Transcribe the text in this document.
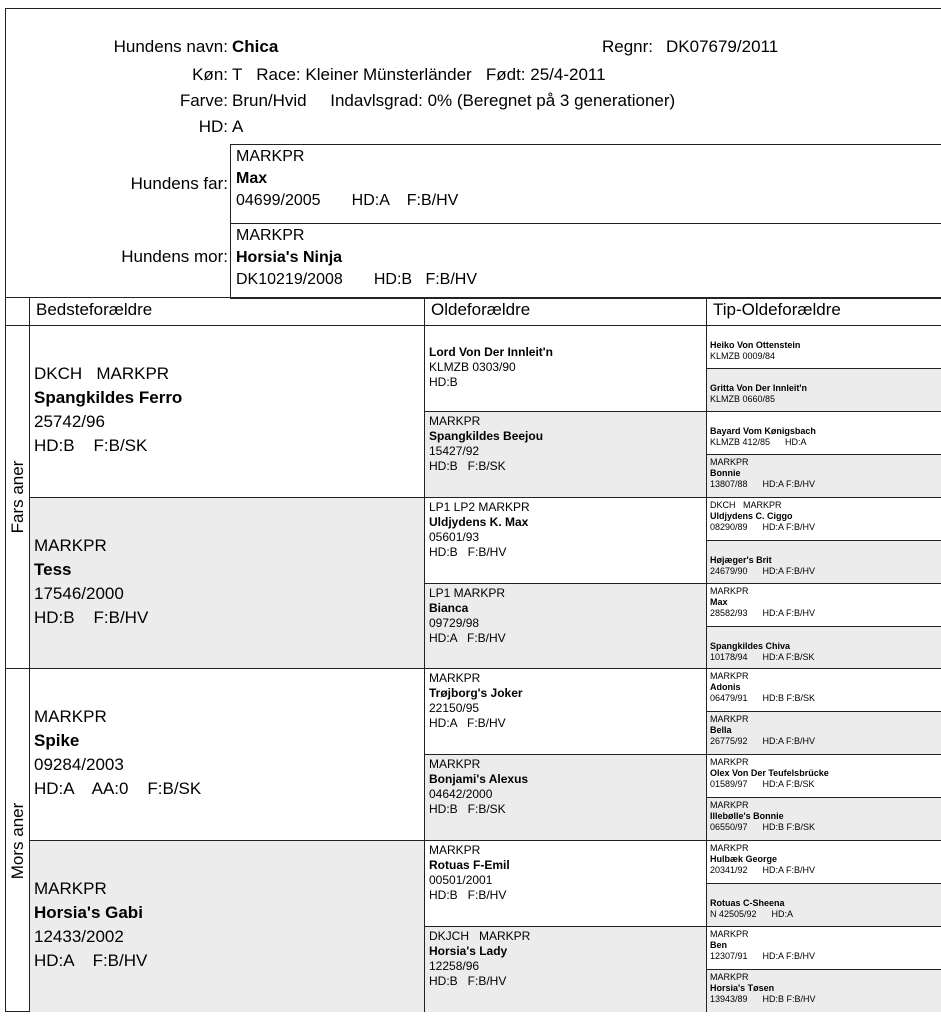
Hundens navn: Chica	Regnr: DK07679/2011
Køn: T   Race: Kleiner Münsterländer   Født: 25/4-2011
Farve: Brun/Hvid     Indavlsgrad: 0% (Beregnet på 3 generationer)
HD: A
Hundens far:
MARKPR
Max
04699/2005       HD:A    F:B/HV
Hundens mor:
MARKPR
Horsia's Ninja
DK10219/2008       HD:B   F:B/HV
Fars aner
Mors aner
Bedsteforældre
DKCH   MARKPR
Spangkildes Ferro
25742/96
HD:B    F:B/SK
MARKPR
Tess
17546/2000
HD:B    F:B/HV
MARKPR
Spike
09284/2003
HD:A    AA:0    F:B/SK
MARKPR
Horsia's Gabi
12433/2002
HD:A    F:B/HV
Oldeforældre
Lord Von Der Innleit'n
KLMZB 0303/90
HD:B
MARKPR
Spangkildes Beejou
15427/92
HD:B   F:B/SK
LP1 LP2 MARKPR
Uldjydens K. Max
05601/93
HD:B   F:B/HV
LP1 MARKPR
Bianca
09729/98
HD:A   F:B/HV
MARKPR
Trøjborg's Joker
22150/95
HD:A   F:B/HV
MARKPR
Bonjami's Alexus
04642/2000
HD:B   F:B/SK
MARKPR
Rotuas F-Emil
00501/2001
HD:B   F:B/HV
DKJCH   MARKPR
Horsia's Lady
12258/96
HD:B   F:B/HV
Tip-Oldeforældre
Heiko Von Ottenstein
KLMZB 0009/84
Gritta Von Der Innleit'n
KLMZB 0660/85
Bayard Vom Kønigsbach
KLMZB 412/85      HD:A
MARKPR
Bonnie
13807/88      HD:A F:B/HV
DKCH   MARKPR
Uldjydens C. Ciggo
08290/89      HD:A F:B/HV
Højæger's Brit
24679/90      HD:A F:B/HV
MARKPR
Max
28582/93      HD:A F:B/HV
Spangkildes Chiva
10178/94      HD:A F:B/SK
MARKPR
Adonis
06479/91      HD:B F:B/SK
MARKPR
Bella
26775/92      HD:A F:B/HV
MARKPR
Olex Von Der Teufelsbrücke
01589/97      HD:A F:B/SK
MARKPR
Illebølle's Bonnie
06550/97      HD:B F:B/SK
MARKPR
Hulbæk George
20341/92      HD:A F:B/HV
Rotuas C-Sheena
N 42505/92      HD:A
MARKPR
Ben
12307/91      HD:A F:B/HV
MARKPR
Horsia's Tøsen
13943/89      HD:B F:B/HV
